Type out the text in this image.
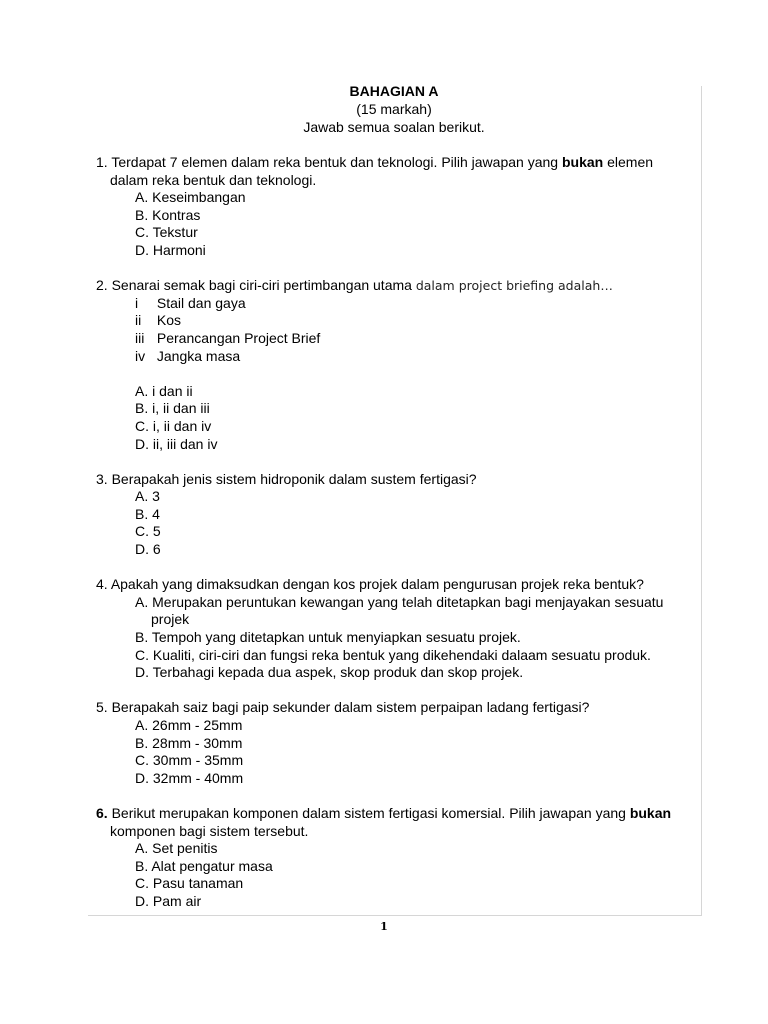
BAHAGIAN A
(15 markah)
Jawab semua soalan berikut.
1. Terdapat 7 elemen dalam reka bentuk dan teknologi. Pilih jawapan yang bukan elemen
dalam reka bentuk dan teknologi.
A. Keseimbangan
B. Kontras
C. Tekstur
D. Harmoni
2. Senarai semak bagi ciri-ciri pertimbangan utama dalam project briefing adalah…
i Stail dan gaya
ii Kos
iii Perancangan Project Brief
iv Jangka masa
A. i dan ii
B. i, ii dan iii
C. i, ii dan iv
D. ii, iii dan iv
3. Berapakah jenis sistem hidroponik dalam sustem fertigasi?
A. 3
B. 4
C. 5
D. 6
4. Apakah yang dimaksudkan dengan kos projek dalam pengurusan projek reka bentuk?
A. Merupakan peruntukan kewangan yang telah ditetapkan bagi menjayakan sesuatu
projek
B. Tempoh yang ditetapkan untuk menyiapkan sesuatu projek.
C. Kualiti, ciri-ciri dan fungsi reka bentuk yang dikehendaki dalaam sesuatu produk.
D. Terbahagi kepada dua aspek, skop produk dan skop projek.
5. Berapakah saiz bagi paip sekunder dalam sistem perpaipan ladang fertigasi?
A. 26mm - 25mm
B. 28mm - 30mm
C. 30mm - 35mm
D. 32mm - 40mm
6. Berikut merupakan komponen dalam sistem fertigasi komersial. Pilih jawapan yang bukan
komponen bagi sistem tersebut.
A. Set penitis
B. Alat pengatur masa
C. Pasu tanaman
D. Pam air
1
